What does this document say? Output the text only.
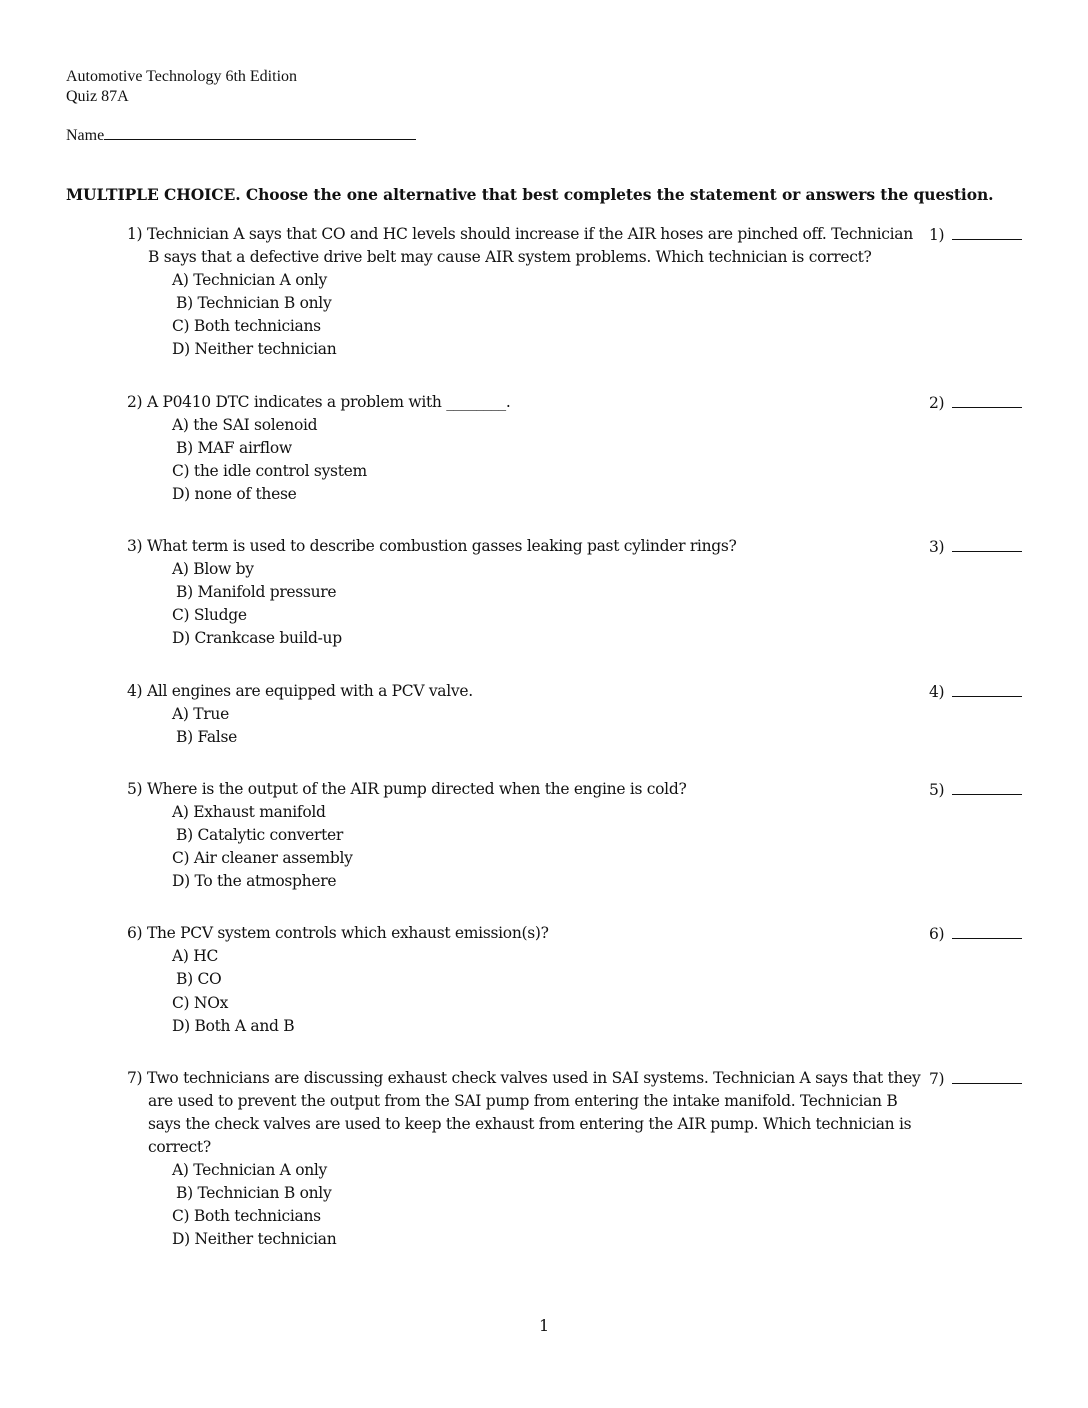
Automotive Technology 6th Edition
Quiz 87A
Name
MULTIPLE CHOICE. Choose the one alternative that best completes the statement or answers the question.
1) Technician A says that CO and HC levels should increase if the AIR hoses are pinched off. Technician B says that a defective drive belt may cause AIR system problems. Which technician is correct?
A) Technician A only
B) Technician B only
C) Both technicians
D) Neither technician
1)
2) A P0410 DTC indicates a problem with ________.
A) the SAI solenoid
B) MAF airflow
C) the idle control system
D) none of these
2)
3) What term is used to describe combustion gasses leaking past cylinder rings?
A) Blow by
B) Manifold pressure
C) Sludge
D) Crankcase build-up
3)
4) All engines are equipped with a PCV valve.
A) True
B) False
4)
5) Where is the output of the AIR pump directed when the engine is cold?
A) Exhaust manifold
B) Catalytic converter
C) Air cleaner assembly
D) To the atmosphere
5)
6) The PCV system controls which exhaust emission(s)?
A) HC
B) CO
C) NOx
D) Both A and B
6)
7) Two technicians are discussing exhaust check valves used in SAI systems. Technician A says that they are used to prevent the output from the SAI pump from entering the intake manifold. Technician B says the check valves are used to keep the exhaust from entering the AIR pump. Which technician is correct?
A) Technician A only
B) Technician B only
C) Both technicians
D) Neither technician
7)
1
